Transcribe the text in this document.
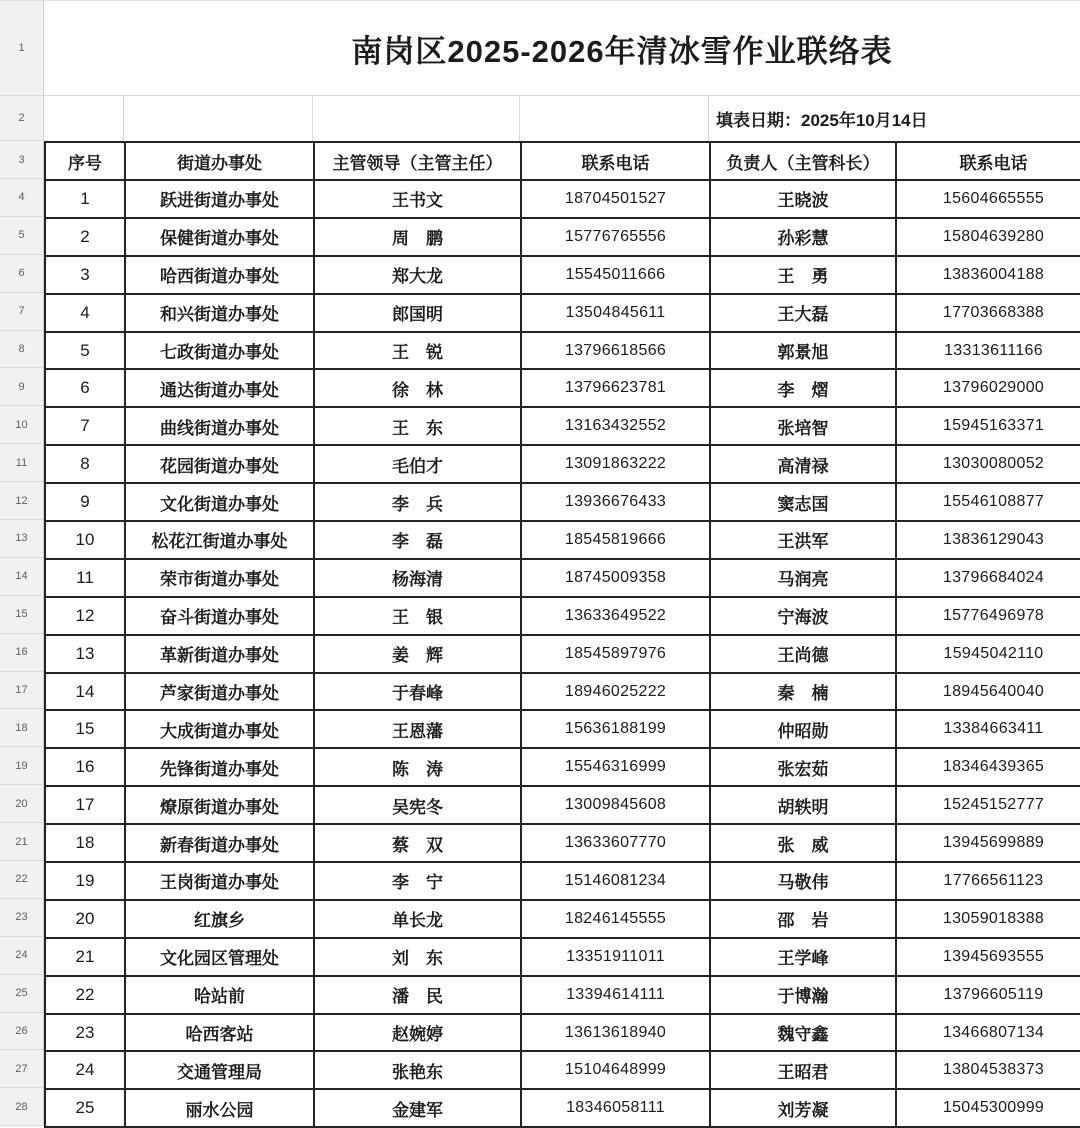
1
2
3
4
5
6
7
8
9
10
11
12
13
14
15
16
17
18
19
20
21
22
23
24
25
26
27
28
南岗区2025-2026年清冰雪作业联络表
填表日期：2025年10月14日
序号	街道办事处	主管领导（主管主任）	联系电话	负责人（主管科长）	联系电话
1	跃进街道办事处	王书文	18704501527	王晓波	15604665555
2	保健街道办事处	周　鹏	15776765556	孙彩慧	15804639280
3	哈西街道办事处	郑大龙	15545011666	王　勇	13836004188
4	和兴街道办事处	郎国明	13504845611	王大磊	17703668388
5	七政街道办事处	王　锐	13796618566	郭景旭	13313611166
6	通达街道办事处	徐　林	13796623781	李　熠	13796029000
7	曲线街道办事处	王　东	13163432552	张培智	15945163371
8	花园街道办事处	毛伯才	13091863222	高清禄	13030080052
9	文化街道办事处	李　兵	13936676433	窦志国	15546108877
10	松花江街道办事处	李　磊	18545819666	王洪军	13836129043
11	荣市街道办事处	杨海清	18745009358	马润亮	13796684024
12	奋斗街道办事处	王　银	13633649522	宁海波	15776496978
13	革新街道办事处	姜　辉	18545897976	王尚德	15945042110
14	芦家街道办事处	于春峰	18946025222	秦　楠	18945640040
15	大成街道办事处	王恩藩	15636188199	仲昭勋	13384663411
16	先锋街道办事处	陈　涛	15546316999	张宏茹	18346439365
17	燎原街道办事处	吴宪冬	13009845608	胡轶明	15245152777
18	新春街道办事处	蔡　双	13633607770	张　威	13945699889
19	王岗街道办事处	李　宁	15146081234	马敬伟	17766561123
20	红旗乡	单长龙	18246145555	邵　岩	13059018388
21	文化园区管理处	刘　东	13351911011	王学峰	13945693555
22	哈站前	潘　民	13394614111	于博瀚	13796605119
23	哈西客站	赵婉婷	13613618940	魏守鑫	13466807134
24	交通管理局	张艳东	15104648999	王昭君	13804538373
25	丽水公园	金建军	18346058111	刘芳凝	15045300999
